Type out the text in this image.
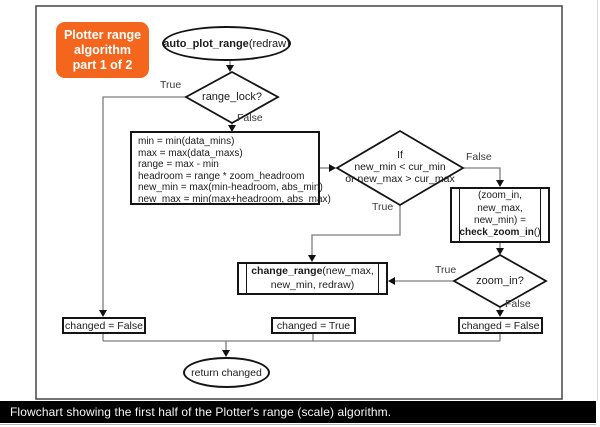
Plotter range
algorithm
part 1 of 2
auto_plot_range (redraw)
range_lock?
If
new_min < cur_min
or new_max > cur_max
zoom_in?
min = min(data_mins)
max = max(data_maxs)
range = max - min
headroom = range * zoom_headroom
new_min = max(min-headroom, abs_min)
new_max = min(max+headroom, abs_max)	(zoom_in,
new_max,
new_min) =
check_zoom_in()
change_range(new_max,
new_min, redraw)
changed = False	changed = True	changed = False
return changed
True
False
False
True
True
False
Flowchart showing the first half of the Plotter's range (scale) algorithm.
